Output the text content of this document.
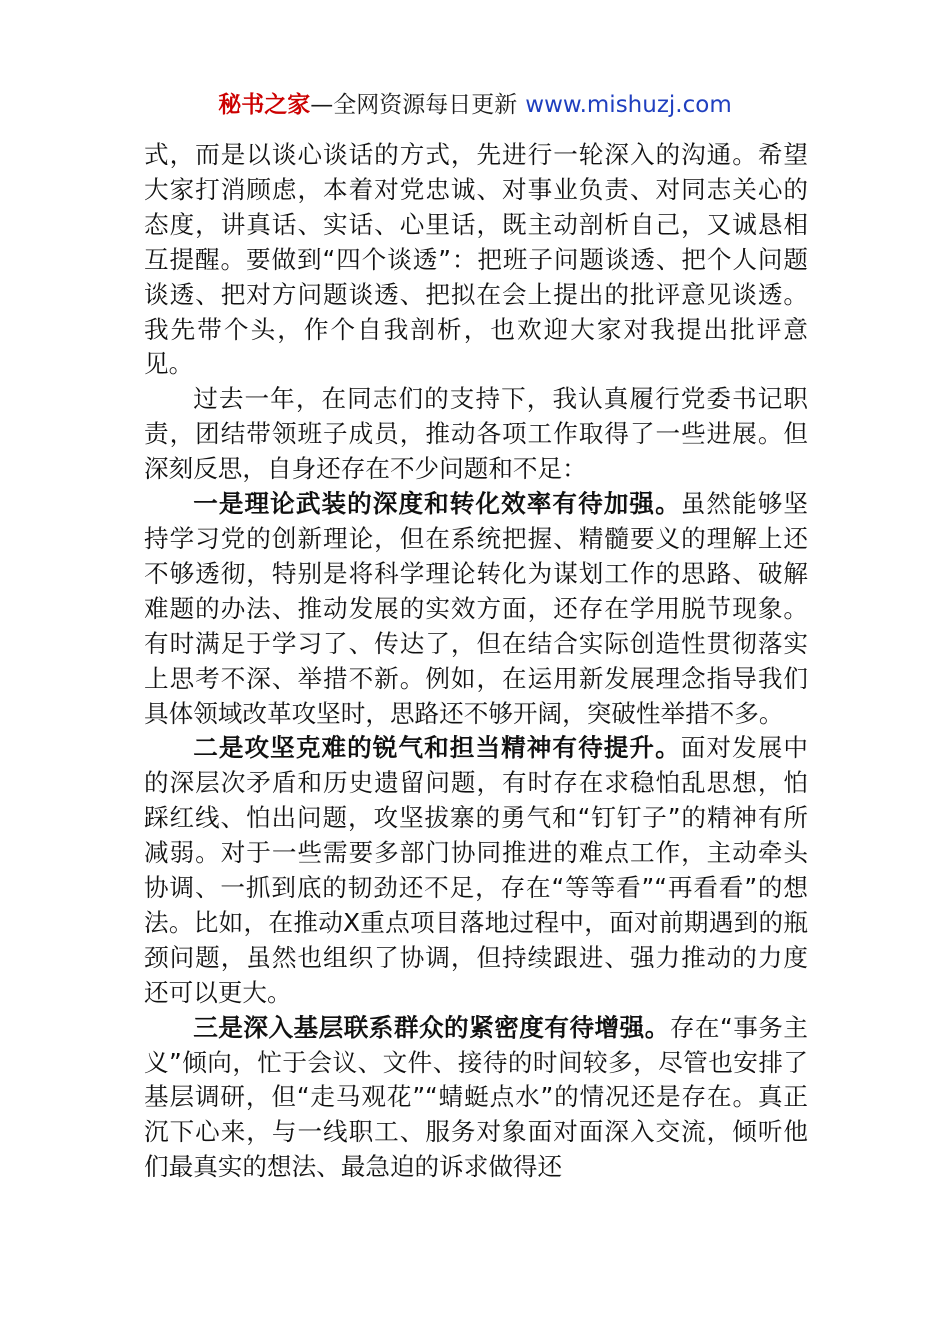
秘书之家—全网资源每日更新 www.mishuzj.com

式，而是以谈心谈话的方式，先进行一轮深入的沟通。希望大家打消顾虑，本着对党忠诚、对事业负责、对同志关心的态度，讲真话、实话、心里话，既主动剖析自己，又诚恳相互提醒。要做到“四个谈透”：把班子问题谈透、把个人问题谈透、把对方问题谈透、把拟在会上提出的批评意见谈透。我先带个头，作个自我剖析，也欢迎大家对我提出批评意见。

过去一年，在同志们的支持下，我认真履行党委书记职责，团结带领班子成员，推动各项工作取得了一些进展。但深刻反思，自身还存在不少问题和不足：

一是理论武装的深度和转化效率有待加强。虽然能够坚持学习党的创新理论，但在系统把握、精髓要义的理解上还不够透彻，特别是将科学理论转化为谋划工作的思路、破解难题的办法、推动发展的实效方面，还存在学用脱节现象。有时满足于学习了、传达了，但在结合实际创造性贯彻落实上思考不深、举措不新。例如，在运用新发展理念指导我们具体领域改革攻坚时，思路还不够开阔，突破性举措不多。

二是攻坚克难的锐气和担当精神有待提升。面对发展中的深层次矛盾和历史遗留问题，有时存在求稳怕乱思想，怕踩红线、怕出问题，攻坚拔寨的勇气和“钉钉子”的精神有所减弱。对于一些需要多部门协同推进的难点工作，主动牵头协调、一抓到底的韧劲还不足，存在“等等看”“再看看”的想法。比如，在推动X重点项目落地过程中，面对前期遇到的瓶颈问题，虽然也组织了协调，但持续跟进、强力推动的力度还可以更大。

三是深入基层联系群众的紧密度有待增强。存在“事务主义”倾向，忙于会议、文件、接待的时间较多，尽管也安排了基层调研，但“走马观花”“蜻蜓点水”的情况还是存在。真正沉下心来，与一线职工、服务对象面对面深入交流，倾听他们最真实的想法、最急迫的诉求做得还
